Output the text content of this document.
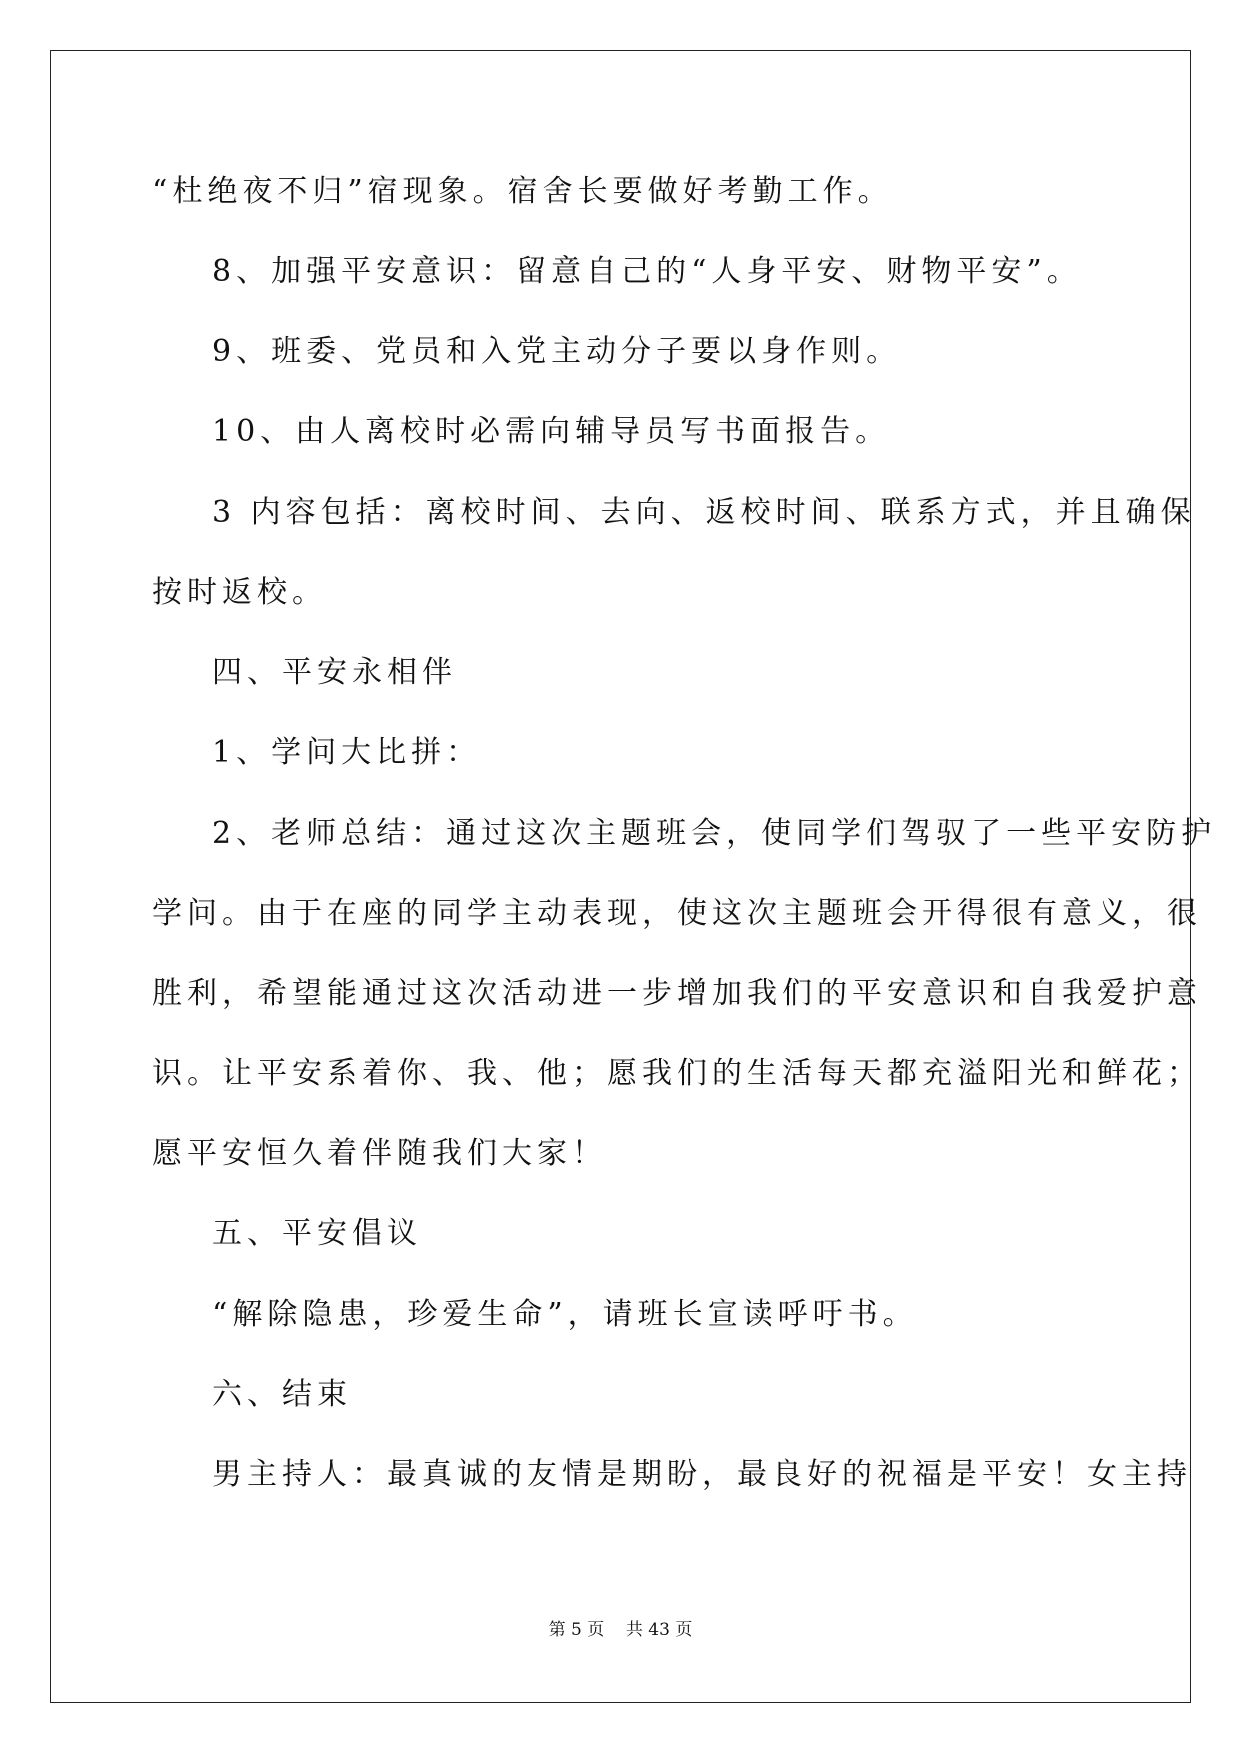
“杜绝夜不归”宿现象。宿舍长要做好考勤工作。
8、加强平安意识：留意自己的“人身平安、财物平安”。
9、班委、党员和入党主动分子要以身作则。
10、由人离校时必需向辅导员写书面报告。
3 内容包括：离校时间、去向、返校时间、联系方式，并且确保
按时返校。
四、平安永相伴
1、学问大比拼：
2、老师总结：通过这次主题班会，使同学们驾驭了一些平安防护
学问。由于在座的同学主动表现，使这次主题班会开得很有意义，很
胜利，希望能通过这次活动进一步增加我们的平安意识和自我爱护意
识。让平安系着你、我、他；愿我们的生活每天都充溢阳光和鲜花；
愿平安恒久着伴随我们大家！
五、平安倡议
“解除隐患，珍爱生命”，请班长宣读呼吁书。
六、结束
男主持人：最真诚的友情是期盼，最良好的祝福是平安！女主持
第 5 页    共 43 页
